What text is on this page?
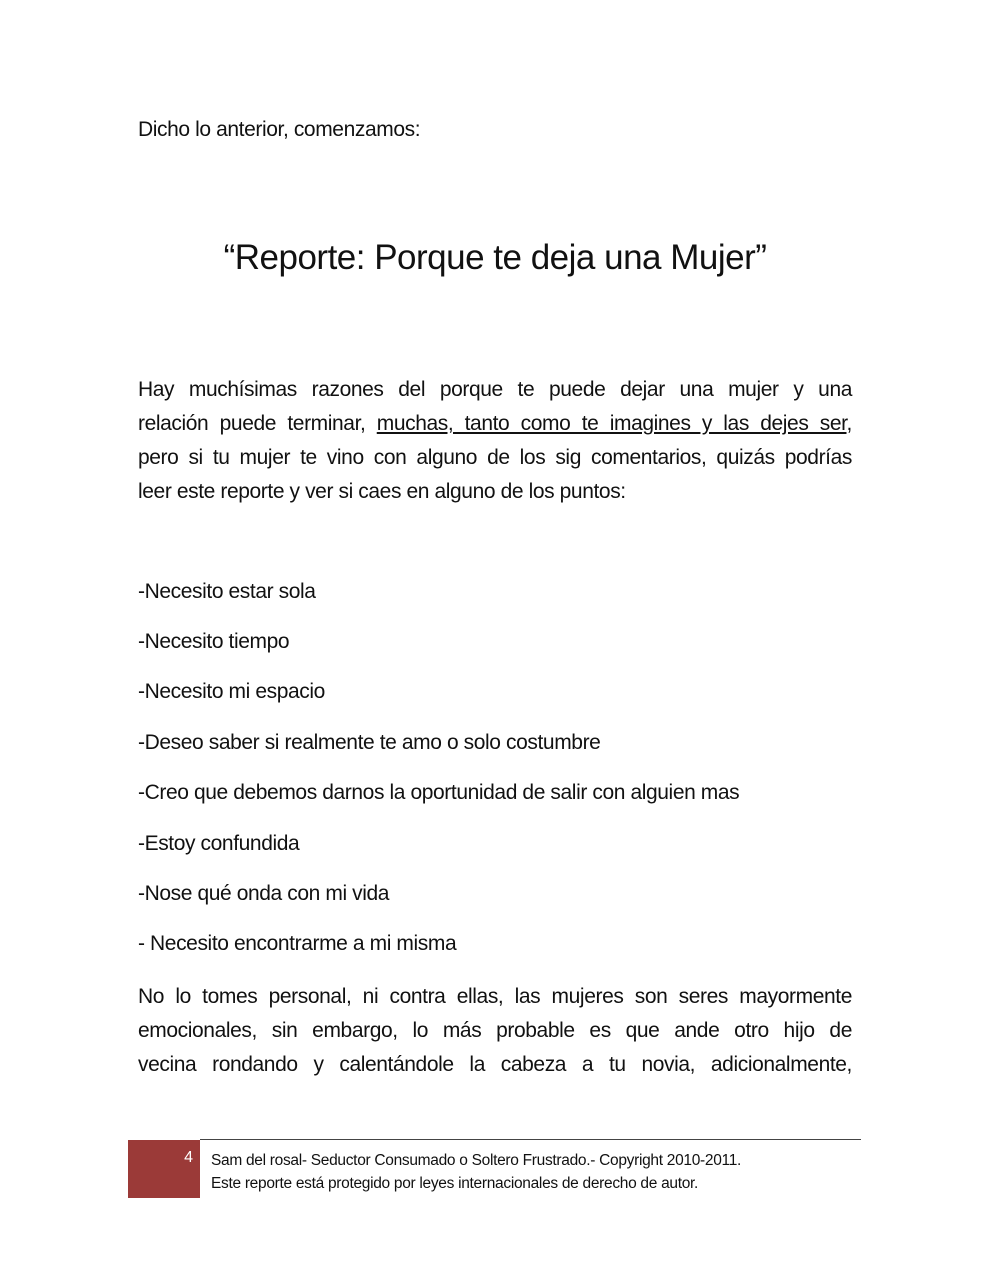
Dicho lo anterior, comenzamos:
“Reporte: Porque te deja una Mujer”
Hay muchísimas razones del porque te puede dejar una mujer y una
relación puede terminar, muchas, tanto como te imagines y las dejes ser,
pero si tu mujer te vino con alguno de los sig comentarios, quizás podrías
leer este reporte y ver si caes en alguno de los puntos:
-Necesito estar sola
-Necesito tiempo
-Necesito mi espacio
-Deseo saber si realmente te amo o solo costumbre
-Creo que debemos darnos la oportunidad de salir con alguien mas
-Estoy confundida
-Nose qué onda con mi vida
- Necesito encontrarme a mi misma
No lo tomes personal, ni contra ellas, las mujeres son seres mayormente
emocionales, sin embargo, lo más probable es que ande otro hijo de
vecina rondando y calentándole la cabeza a tu novia, adicionalmente,
4 Sam del rosal- Seductor Consumado o Soltero Frustrado.- Copyright 2010-2011.
Este reporte está protegido por leyes internacionales de derecho de autor.
